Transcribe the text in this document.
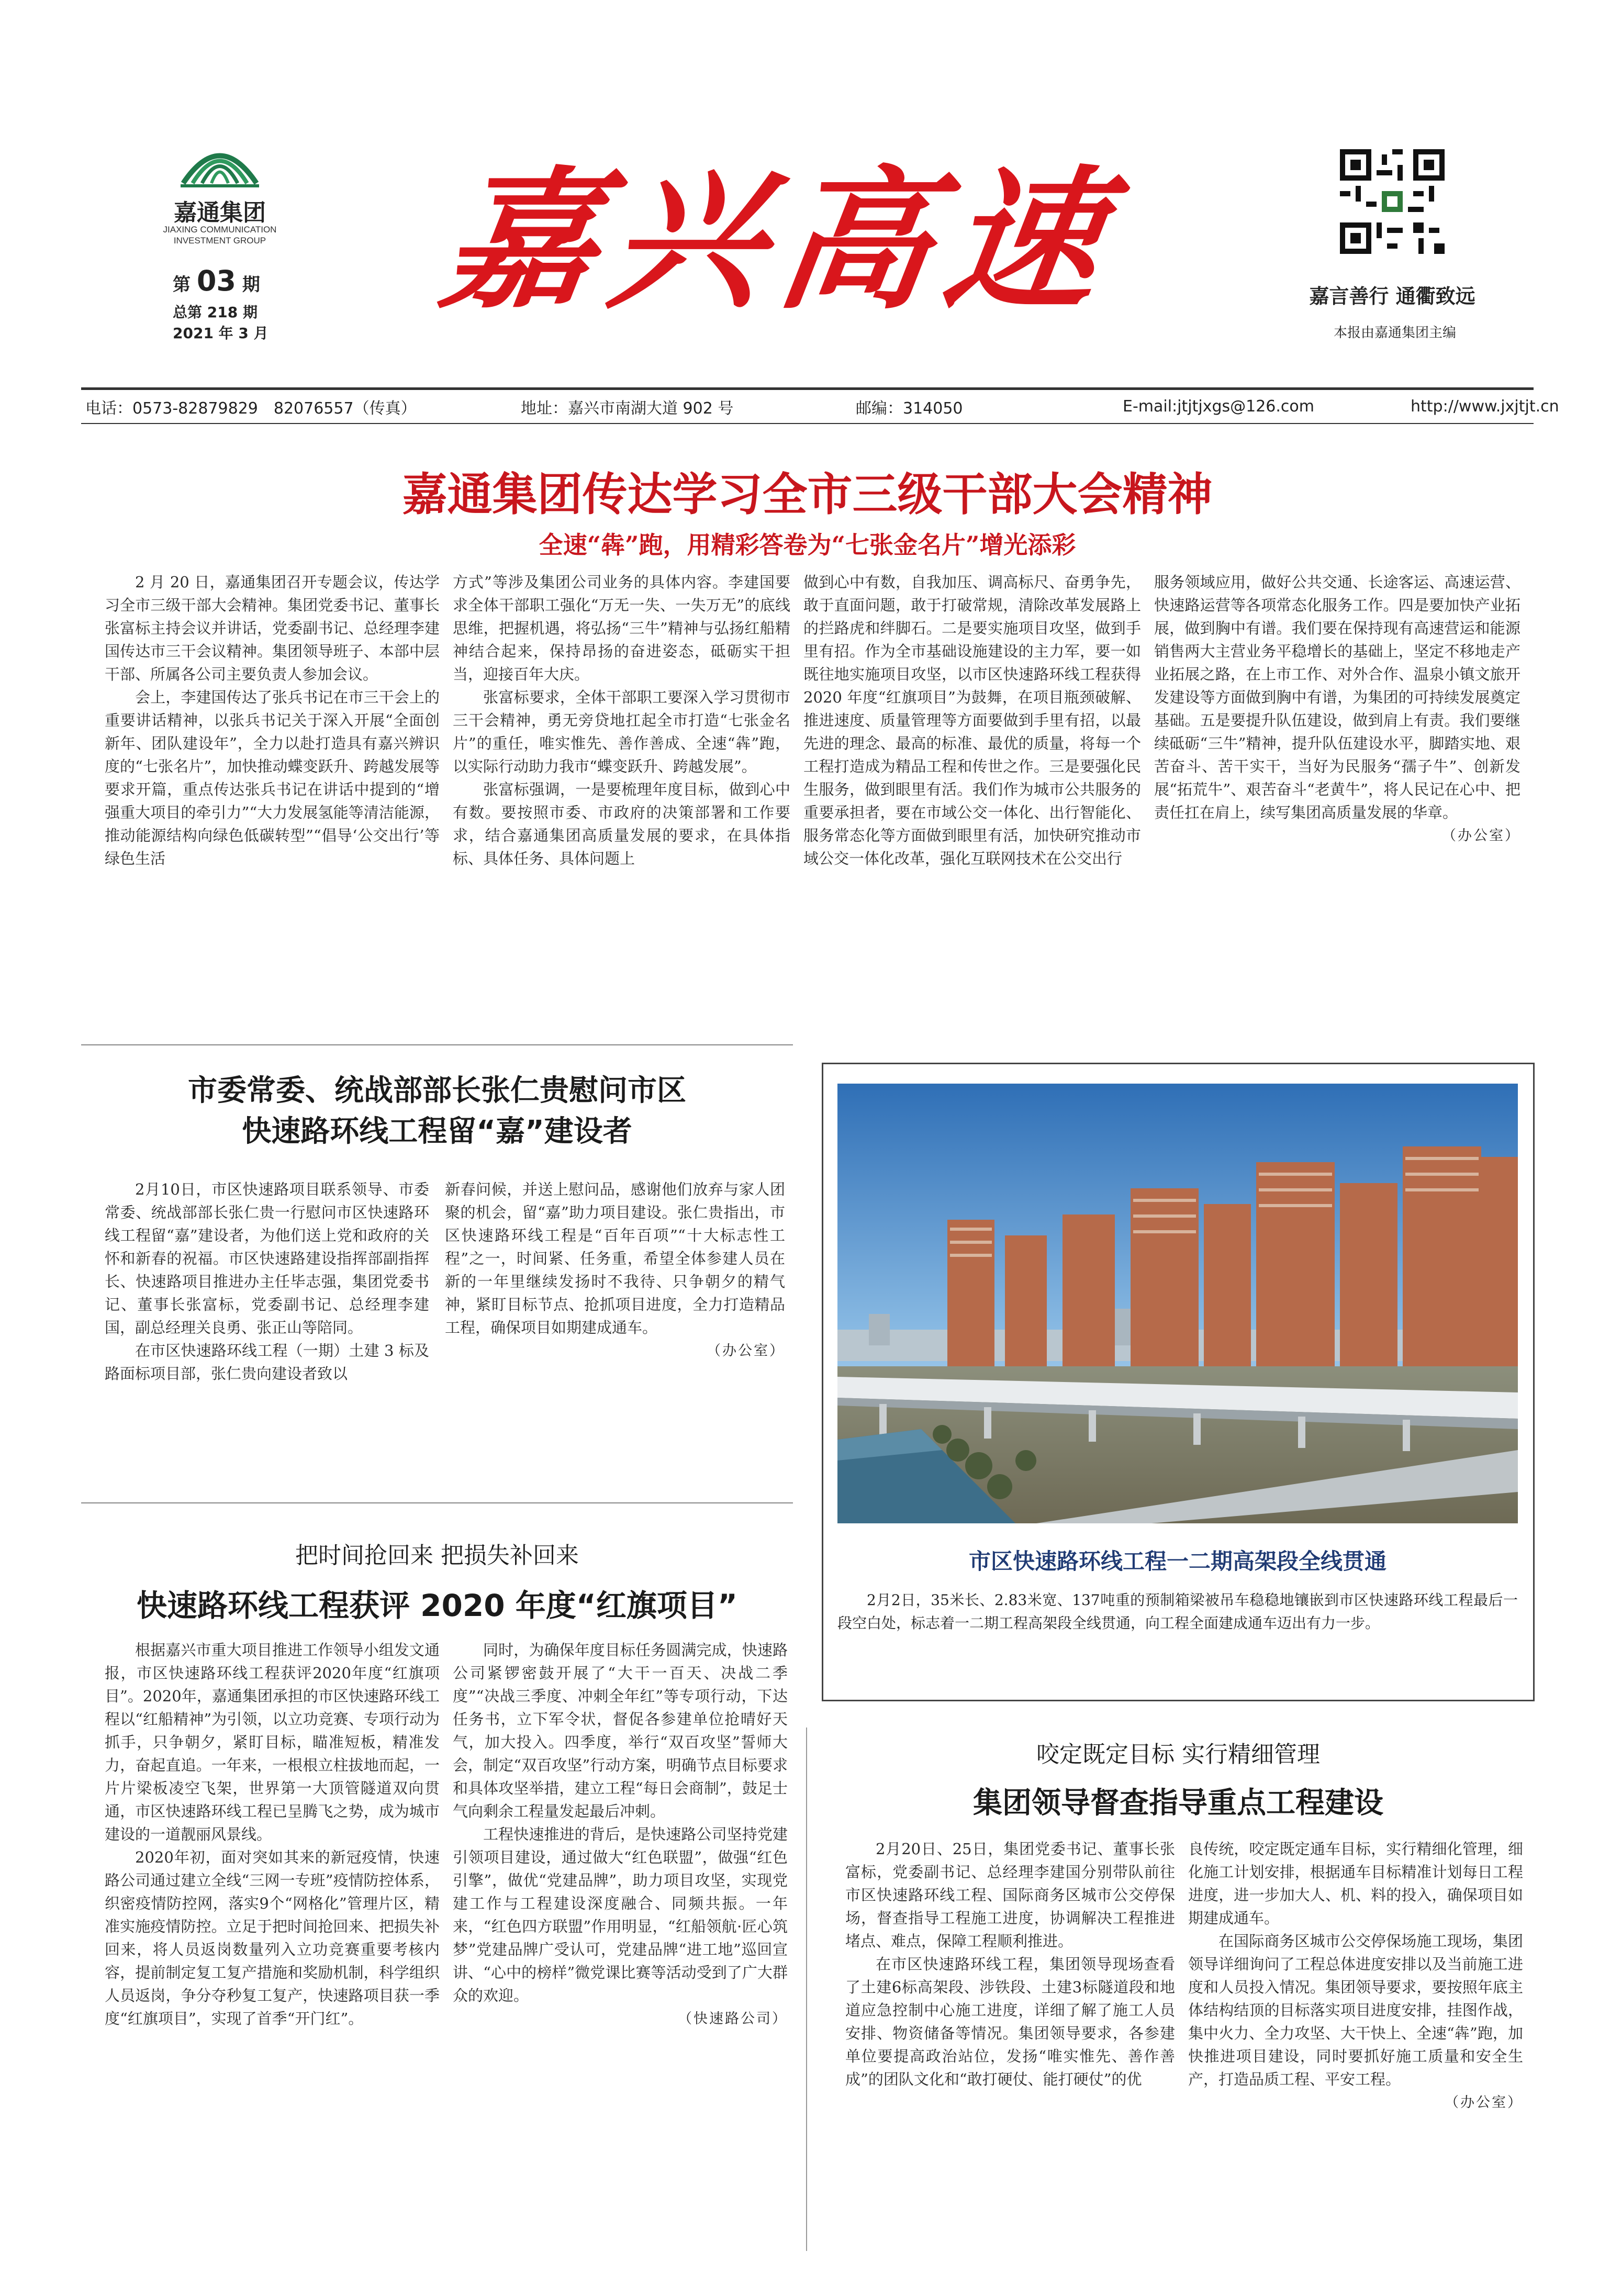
嘉通集团
JIAXING COMMUNICATION
INVESTMENT GROUP
第 03 期
总第 218 期
2021 年 3 月
嘉兴高速	嘉言善行 通衢致远
本报由嘉通集团主编
电话：0573-82879829　82076557（传真）	地址：嘉兴市南湖大道 902 号	邮编：314050	E-mail:jtjtjxgs@126.com	http://www.jxjtjt.cn
嘉通集团传达学习全市三级干部大会精神
全速“犇”跑，用精彩答卷为“七张金名片”增光添彩

2 月 20 日，嘉通集团召开专题会议，传达学习全市三级干部大会精神。集团党委书记、董事长张富标主持会议并讲话，党委副书记、总经理李建国传达市三干会议精神。集团领导班子、本部中层干部、所属各公司主要负责人参加会议。

会上，李建国传达了张兵书记在市三干会上的重要讲话精神，以张兵书记关于深入开展“全面创新年、团队建设年”，全力以赴打造具有嘉兴辨识度的“七张名片”，加快推动蝶变跃升、跨越发展等要求开篇，重点传达张兵书记在讲话中提到的“增强重大项目的牵引力”“大力发展氢能等清洁能源，推动能源结构向绿色低碳转型”“倡导‘公交出行’等绿色生活

方式”等涉及集团公司业务的具体内容。李建国要求全体干部职工强化“万无一失、一失万无”的底线思维，把握机遇，将弘扬“三牛”精神与弘扬红船精神结合起来，保持昂扬的奋进姿态，砥砺实干担当，迎接百年大庆。

张富标要求，全体干部职工要深入学习贯彻市三干会精神，勇无旁贷地扛起全市打造“七张金名片”的重任，唯实惟先、善作善成、全速“犇”跑，以实际行动助力我市“蝶变跃升、跨越发展”。

张富标强调，一是要梳理年度目标，做到心中有数。要按照市委、市政府的决策部署和工作要求，结合嘉通集团高质量发展的要求，在具体指标、具体任务、具体问题上

做到心中有数，自我加压、调高标尺、奋勇争先，敢于直面问题，敢于打破常规，清除改革发展路上的拦路虎和绊脚石。二是要实施项目攻坚，做到手里有招。作为全市基础设施建设的主力军，要一如既往地实施项目攻坚，以市区快速路环线工程获得 2020 年度“红旗项目”为鼓舞，在项目瓶颈破解、推进速度、质量管理等方面要做到手里有招，以最先进的理念、最高的标准、最优的质量，将每一个工程打造成为精品工程和传世之作。三是要强化民生服务，做到眼里有活。我们作为城市公共服务的重要承担者，要在市域公交一体化、出行智能化、服务常态化等方面做到眼里有活，加快研究推动市域公交一体化改革，强化互联网技术在公交出行

服务领域应用，做好公共交通、长途客运、高速运营、快速路运营等各项常态化服务工作。四是要加快产业拓展，做到胸中有谱。我们要在保持现有高速营运和能源销售两大主营业务平稳增长的基础上，坚定不移地走产业拓展之路，在上市工作、对外合作、温泉小镇文旅开发建设等方面做到胸中有谱，为集团的可持续发展奠定基础。五是要提升队伍建设，做到肩上有责。我们要继续砥砺“三牛”精神，提升队伍建设水平，脚踏实地、艰苦奋斗、苦干实干，当好为民服务“孺子牛”、创新发展“拓荒牛”、艰苦奋斗“老黄牛”，将人民记在心中、把责任扛在肩上，续写集团高质量发展的华章。

（办公室）
市委常委、统战部部长张仁贵慰问市区
快速路环线工程留“嘉”建设者

2月10日，市区快速路项目联系领导、市委常委、统战部部长张仁贵一行慰问市区快速路环线工程留“嘉”建设者，为他们送上党和政府的关怀和新春的祝福。市区快速路建设指挥部副指挥长、快速路项目推进办主任毕志强，集团党委书记、董事长张富标，党委副书记、总经理李建国，副总经理关良勇、张正山等陪同。

在市区快速路环线工程（一期）土建 3 标及路面标项目部，张仁贵向建设者致以

新春问候，并送上慰问品，感谢他们放弃与家人团聚的机会，留“嘉”助力项目建设。张仁贵指出，市区快速路环线工程是“百年百项”“十大标志性工程”之一，时间紧、任务重，希望全体参建人员在新的一年里继续发扬时不我待、只争朝夕的精气神，紧盯目标节点、抢抓项目进度，全力打造精品工程，确保项目如期建成通车。

（办公室）
市区快速路环线工程一二期高架段全线贯通
2月2日，35米长、2.83米宽、137吨重的预制箱梁被吊车稳稳地镶嵌到市区快速路环线工程最后一段空白处，标志着一二期工程高架段全线贯通，向工程全面建成通车迈出有力一步。
把时间抢回来 把损失补回来
快速路环线工程获评 2020 年度“红旗项目”

根据嘉兴市重大项目推进工作领导小组发文通报，市区快速路环线工程获评2020年度“红旗项目”。2020年，嘉通集团承担的市区快速路环线工程以“红船精神”为引领，以立功竞赛、专项行动为抓手，只争朝夕，紧盯目标，瞄准短板，精准发力，奋起直追。一年来，一根根立柱拔地而起，一片片梁板凌空飞架，世界第一大顶管隧道双向贯通，市区快速路环线工程已呈腾飞之势，成为城市建设的一道靓丽风景线。

2020年初，面对突如其来的新冠疫情，快速路公司通过建立全线“三网一专班”疫情防控体系，织密疫情防控网，落实9个“网格化”管理片区，精准实施疫情防控。立足于把时间抢回来、把损失补回来，将人员返岗数量列入立功竞赛重要考核内容，提前制定复工复产措施和奖励机制，科学组织人员返岗，争分夺秒复工复产，快速路项目获一季度“红旗项目”，实现了首季“开门红”。

同时，为确保年度目标任务圆满完成，快速路公司紧锣密鼓开展了“大干一百天、决战二季度”“决战三季度、冲刺全年红”等专项行动，下达任务书，立下军令状，督促各参建单位抢晴好天气，加大投入。四季度，举行“双百攻坚”誓师大会，制定“双百攻坚”行动方案，明确节点目标要求和具体攻坚举措，建立工程“每日会商制”，鼓足士气向剩余工程量发起最后冲刺。

工程快速推进的背后，是快速路公司坚持党建引领项目建设，通过做大“红色联盟”，做强“红色引擎”，做优“党建品牌”，助力项目攻坚，实现党建工作与工程建设深度融合、同频共振。一年来，“红色四方联盟”作用明显，“红船领航·匠心筑梦”党建品牌广受认可，党建品牌“进工地”巡回宣讲、“心中的榜样”微党课比赛等活动受到了广大群众的欢迎。

（快速路公司）
咬定既定目标 实行精细管理
集团领导督查指导重点工程建设

2月20日、25日，集团党委书记、董事长张富标，党委副书记、总经理李建国分别带队前往市区快速路环线工程、国际商务区城市公交停保场，督查指导工程施工进度，协调解决工程推进堵点、难点，保障工程顺利推进。

在市区快速路环线工程，集团领导现场查看了土建6标高架段、涉铁段、土建3标隧道段和地道应急控制中心施工进度，详细了解了施工人员安排、物资储备等情况。集团领导要求，各参建单位要提高政治站位，发扬“唯实惟先、善作善成”的团队文化和“敢打硬仗、能打硬仗”的优

良传统，咬定既定通车目标，实行精细化管理，细化施工计划安排，根据通车目标精准计划每日工程进度，进一步加大人、机、料的投入，确保项目如期建成通车。

在国际商务区城市公交停保场施工现场，集团领导详细询问了工程总体进度安排以及当前施工进度和人员投入情况。集团领导要求，要按照年底主体结构结顶的目标落实项目进度安排，挂图作战，集中火力、全力攻坚、大干快上、全速“犇”跑，加快推进项目建设，同时要抓好施工质量和安全生产，打造品质工程、平安工程。

（办公室）
